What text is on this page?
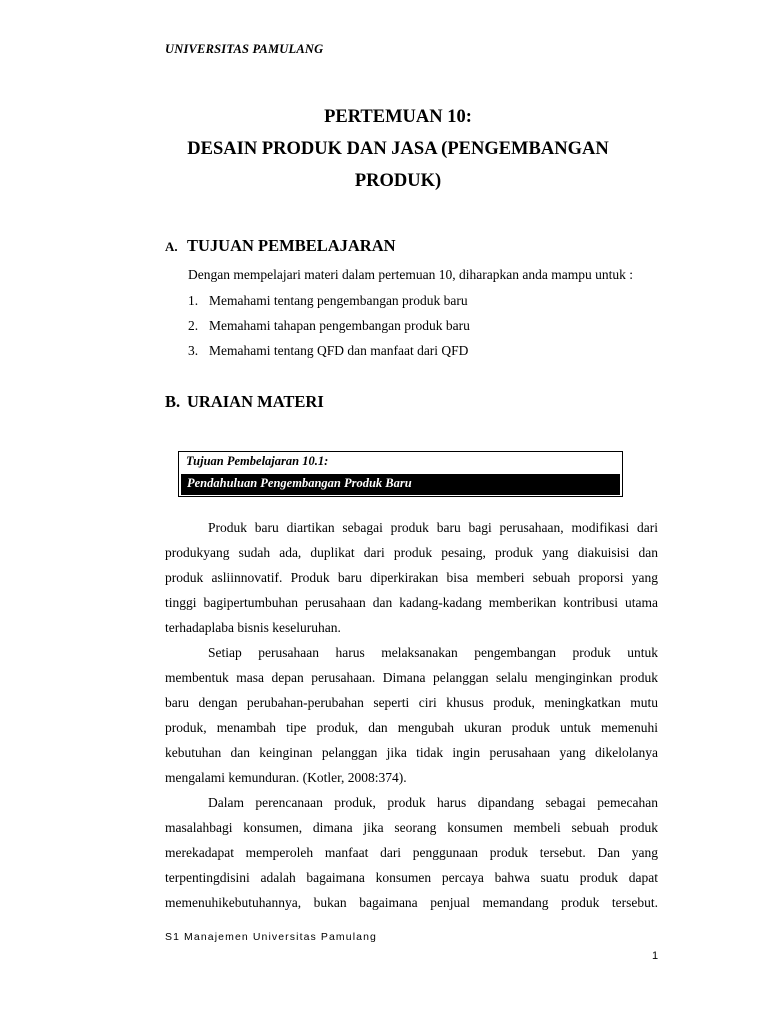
UNIVERSITAS PAMULANG
PERTEMUAN 10:
DESAIN PRODUK DAN JASA (PENGEMBANGAN
PRODUK)
A. TUJUAN PEMBELAJARAN
Dengan mempelajari materi dalam pertemuan 10, diharapkan anda mampu untuk :
1. Memahami tentang pengembangan produk baru
2. Memahami tahapan pengembangan produk baru
3. Memahami tentang QFD dan manfaat dari QFD
B. URAIAN MATERI
Tujuan Pembelajaran 10.1:
Pendahuluan Pengembangan Produk Baru
Produk baru diartikan sebagai produk baru bagi perusahaan, modifikasi dari
produkyang sudah ada, duplikat dari produk pesaing, produk yang diakuisisi dan
produk asliinnovatif. Produk baru diperkirakan bisa memberi sebuah proporsi yang
tinggi bagipertumbuhan perusahaan dan kadang-kadang memberikan kontribusi utama
terhadaplaba bisnis keseluruhan.
Setiap perusahaan harus melaksanakan pengembangan produk untuk
membentuk masa depan perusahaan. Dimana pelanggan selalu menginginkan produk
baru dengan perubahan-perubahan seperti ciri khusus produk, meningkatkan mutu
produk, menambah tipe produk, dan mengubah ukuran produk untuk memenuhi
kebutuhan dan keinginan pelanggan jika tidak ingin perusahaan yang dikelolanya
mengalami kemunduran. (Kotler, 2008:374).
Dalam perencanaan produk, produk harus dipandang sebagai pemecahan
masalahbagi konsumen, dimana jika seorang konsumen membeli sebuah produk
merekadapat memperoleh manfaat dari penggunaan produk tersebut. Dan yang
terpentingdisini adalah bagaimana konsumen percaya bahwa suatu produk dapat
memenuhikebutuhannya, bukan bagaimana penjual memandang produk tersebut.
S1 Manajemen Universitas Pamulang
1
